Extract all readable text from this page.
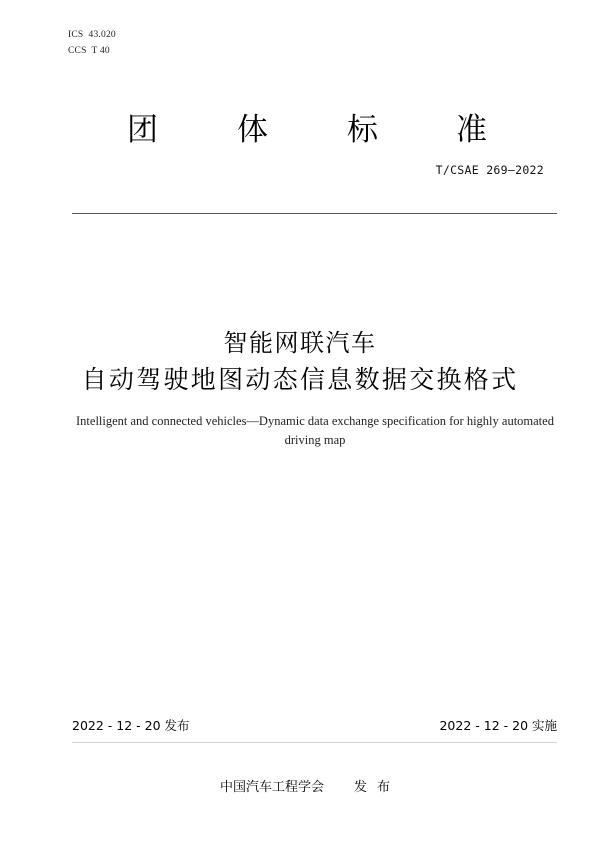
ICS  43.020
CCS  T 40
团	体	标	准
T/CSAE 269—2022
智能网联汽车
自动驾驶地图动态信息数据交换格式
Intelligent and connected vehicles—Dynamic data exchange specification for highly automated driving map
2022 - 12 - 20 发布	2022 - 12 - 20 实施
中国汽车工程学会 发布
